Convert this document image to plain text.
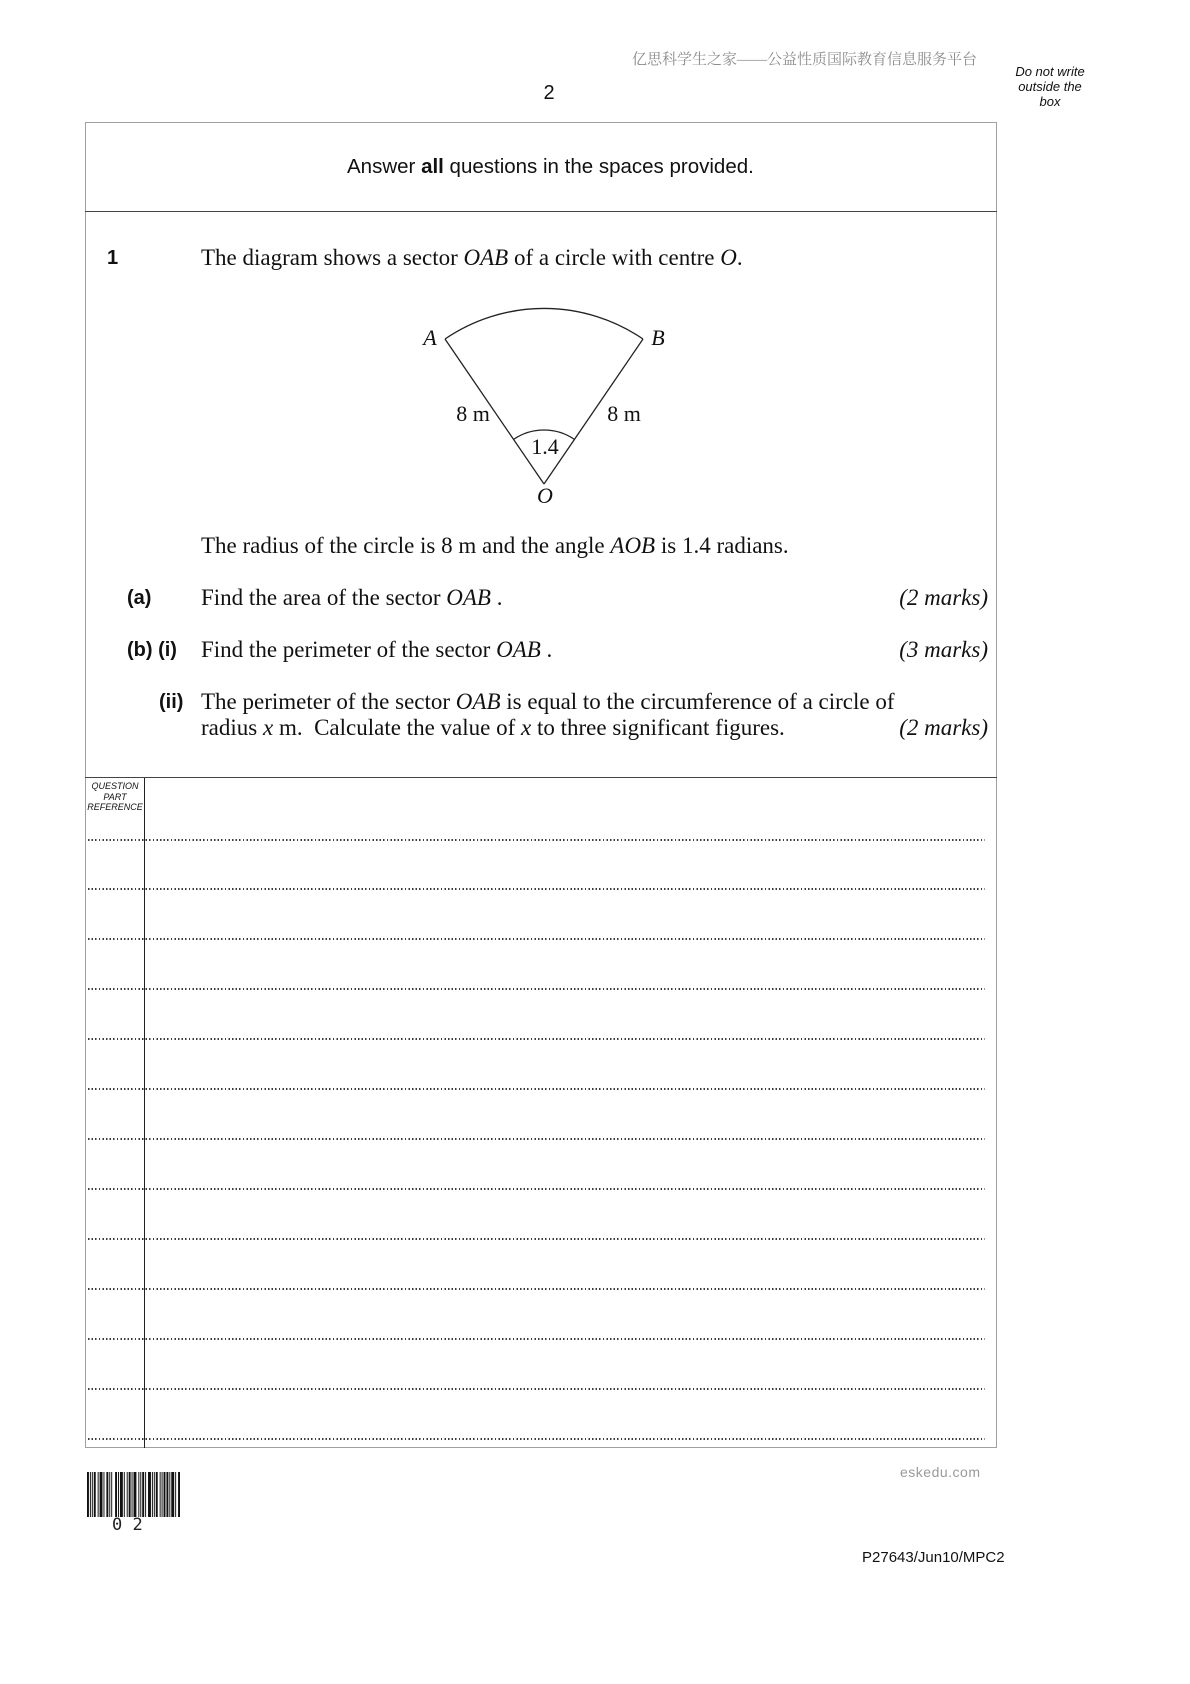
亿思科学生之家——公益性质国际教育信息服务平台
2
Do not write
outside the
box
Answer all questions in the spaces provided.
1	The diagram shows a sector OAB of a circle with centre O.
A	B
8 m	8 m
1.4
O
The radius of the circle is 8 m and the angle AOB is 1.4 radians.
(a) Find the area of the sector OAB .	(2 marks)
(b) (i) Find the perimeter of the sector OAB .	(3 marks)
(ii) The perimeter of the sector OAB is equal to the circumference of a circle of
radius x m.  Calculate the value of x to three significant figures.	(2 marks)
QUESTION
PART
REFERENCE
eskedu.com
0 2
P27643/Jun10/MPC2
